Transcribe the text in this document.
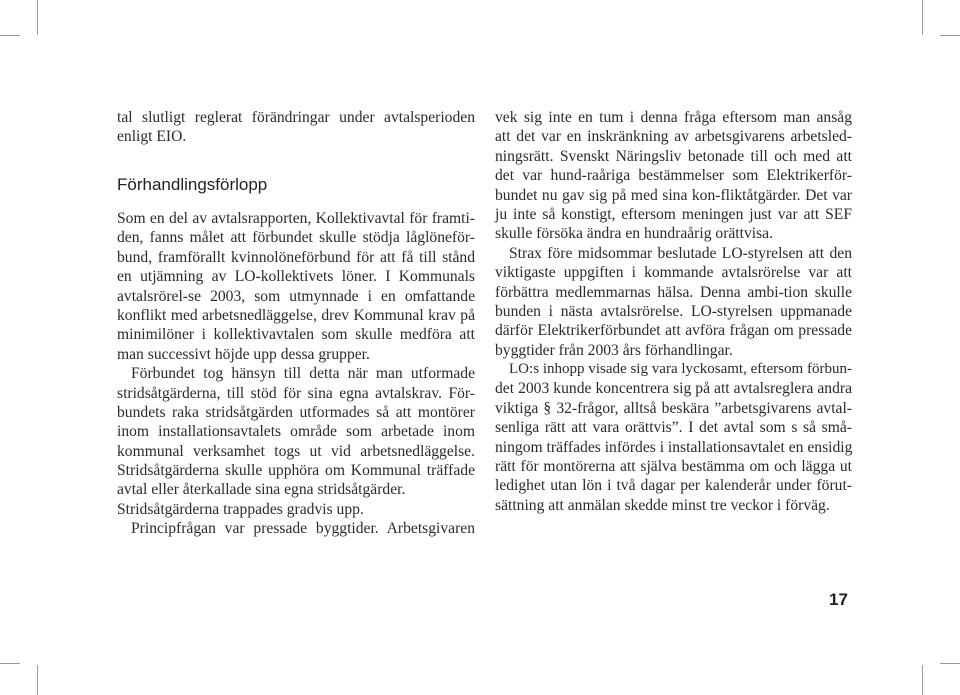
tal slutligt reglerat förändringar under avtalsperioden
enligt EIO.
Förhandlingsförlopp
Som en del av avtalsrapporten, Kollektivavtal för framti-
den, fanns målet att förbundet skulle stödja låglöneför-
bund, framförallt kvinnolöneförbund för att få till stånd
en utjämning av LO-kollektivets löner. I Kommunals
avtalsrörel-se 2003, som utmynnade i en omfattande
konflikt med arbetsnedläggelse, drev Kommunal krav på
minimilöner i kollektivavtalen som skulle medföra att
man successivt höjde upp dessa grupper.
Förbundet tog hänsyn till detta när man utformade
stridsåtgärderna, till stöd för sina egna avtalskrav. För-
bundets raka stridsåtgärden utformades så att montörer
inom installationsavtalets område som arbetade inom
kommunal verksamhet togs ut vid arbetsnedläggelse.
Stridsåtgärderna skulle upphöra om Kommunal träffade
avtal eller återkallade sina egna stridsåtgärder.
Stridsåtgärderna trappades gradvis upp.
Principfrågan var pressade byggtider. Arbetsgivaren
vek sig inte en tum i denna fråga eftersom man ansåg
att det var en inskränkning av arbetsgivarens arbetsled-
ningsrätt. Svenskt Näringsliv betonade till och med att
det var hund-raåriga bestämmelser som Elektrikerför-
bundet nu gav sig på med sina kon-fliktåtgärder. Det var
ju inte så konstigt, eftersom meningen just var att SEF
skulle försöka ändra en hundraårig orättvisa.
Strax före midsommar beslutade LO-styrelsen att den
viktigaste uppgiften i kommande avtalsrörelse var att
förbättra medlemmarnas hälsa. Denna ambi-tion skulle
bunden i nästa avtalsrörelse. LO-styrelsen uppmanade
därför Elektrikerförbundet att avföra frågan om pressade
byggtider från 2003 års förhandlingar.
LO:s inhopp visade sig vara lyckosamt, eftersom förbun-
det 2003 kunde koncentrera sig på att avtalsreglera andra
viktiga § 32-frågor, alltså beskära ”arbetsgivarens avtal-
senliga rätt att vara orättvis”. I det avtal som s så små-
ningom träffades infördes i installationsavtalet en ensidig
rätt för montörerna att själva bestämma om och lägga ut
ledighet utan lön i två dagar per kalenderår under förut-
sättning att anmälan skedde minst tre veckor i förväg.
17
